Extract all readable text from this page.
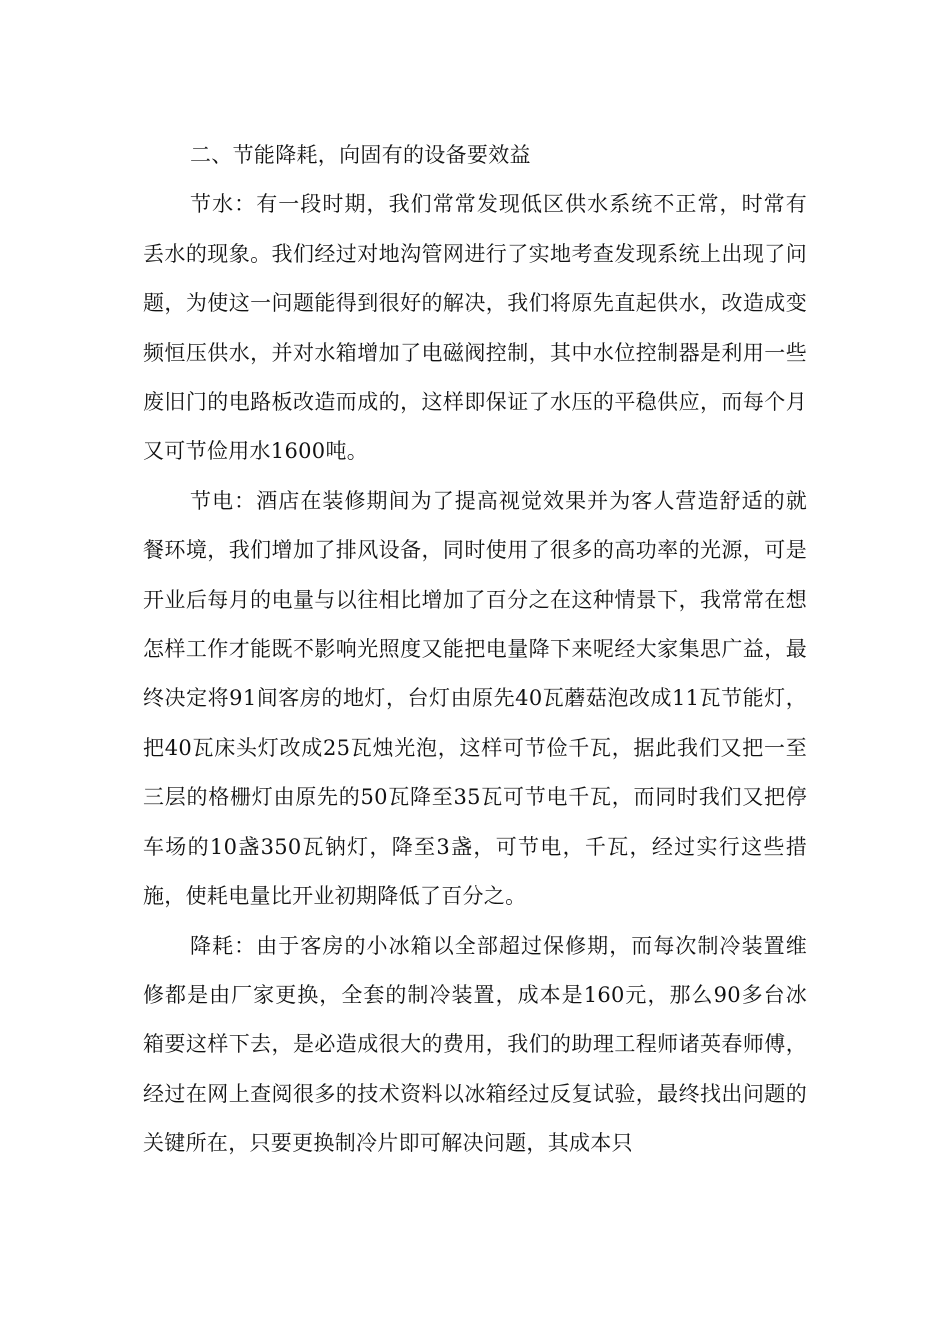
二、节能降耗，向固有的设备要效益

节水：有一段时期，我们常常发现低区供水系统不正常，时常有丢水的现象。我们经过对地沟管网进行了实地考查发现系统上出现了问题，为使这一问题能得到很好的解决，我们将原先直起供水，改造成变频恒压供水，并对水箱增加了电磁阀控制，其中水位控制器是利用一些废旧门的电路板改造而成的，这样即保证了水压的平稳供应，而每个月又可节俭用水1600吨。

节电：酒店在装修期间为了提高视觉效果并为客人营造舒适的就餐环境，我们增加了排风设备，同时使用了很多的高功率的光源，可是开业后每月的电量与以往相比增加了百分之在这种情景下，我常常在想怎样工作才能既不影响光照度又能把电量降下来呢经大家集思广益，最终决定将91间客房的地灯，台灯由原先40瓦蘑菇泡改成11瓦节能灯，把40瓦床头灯改成25瓦烛光泡，这样可节俭千瓦，据此我们又把一至三层的格栅灯由原先的50瓦降至35瓦可节电千瓦，而同时我们又把停车场的10盏350瓦钠灯，降至3盏，可节电，千瓦，经过实行这些措施，使耗电量比开业初期降低了百分之。

降耗：由于客房的小冰箱以全部超过保修期，而每次制冷装置维修都是由厂家更换，全套的制冷装置，成本是160元，那么90多台冰箱要这样下去，是必造成很大的费用，我们的助理工程师诸英春师傅，经过在网上查阅很多的技术资料以冰箱经过反复试验，最终找出问题的关键所在，只要更换制冷片即可解决问题，其成本只
